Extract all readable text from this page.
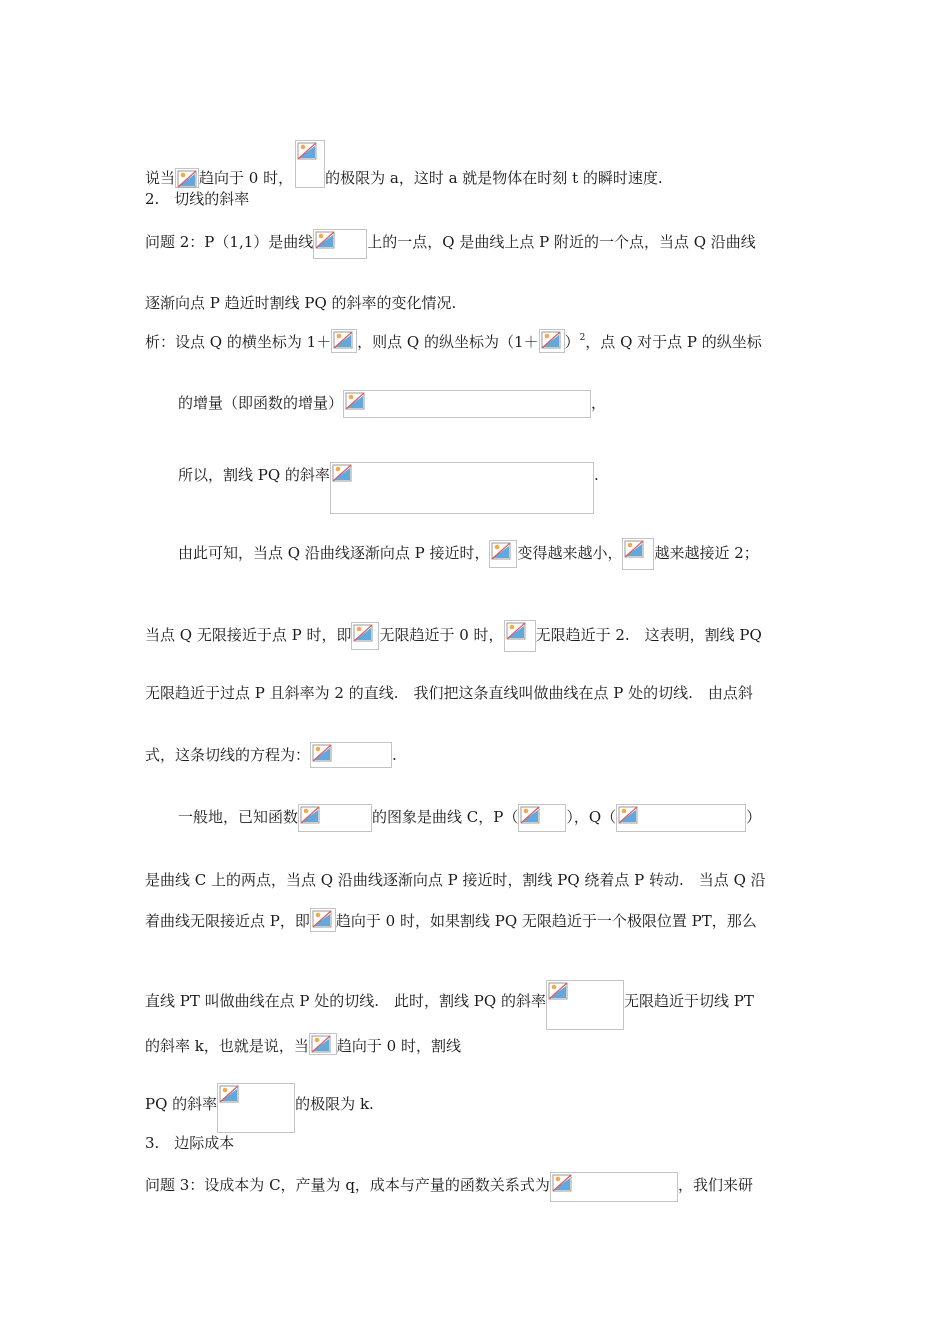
说当 趋向于 0 时， 的极限为 a，这时 a 就是物体在时刻 t 的瞬时速度.
2.　切线的斜率
问题 2：P（1,1）是曲线	上的一点，Q 是曲线上点 P 附近的一个点，当点 Q 沿曲线
逐渐向点 P 趋近时割线 PQ 的斜率的变化情况.
析：设点 Q 的横坐标为 1＋ ，则点 Q 的纵坐标为$(1+ )^2$，点 Q 对于点 P 的纵坐标
的增量（即函数的增量）	，
所以，割线 PQ 的斜率	.
由此可知，当点 Q 沿曲线逐渐向点 P 接近时， 变得越来越小， 越来越接近 2；
当点 Q 无限接近于点 P 时，即 无限趋近于 0 时， 无限趋近于 2.　这表明，割线 PQ
无限趋近于过点 P 且斜率为 2 的直线.　我们把这条直线叫做曲线在点 P 处的切线.　由点斜
式，这条切线的方程为：	.
一般地，已知函数	的图象是曲线 C，P（	），Q（	）
是曲线 C 上的两点，当点 Q 沿曲线逐渐向点 P 接近时，割线 PQ 绕着点 P 转动.　当点 Q 沿
着曲线无限接近点 P，即 趋向于 0 时，如果割线 PQ 无限趋近于一个极限位置 PT，那么
直线 PT 叫做曲线在点 P 处的切线.　此时，割线 PQ 的斜率	无限趋近于切线 PT
的斜率 k，也就是说，当 趋向于 0 时，割线
PQ 的斜率	的极限为 k.
3.　边际成本
问题 3：设成本为 C，产量为 q，成本与产量的函数关系式为	，我们来研
